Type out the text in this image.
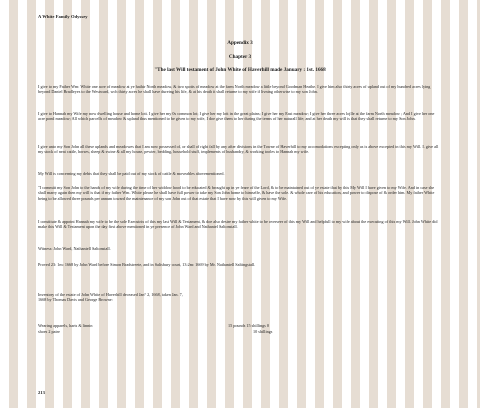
A White Family Odyssey
Appendix 3
Chapter 3
"The last Will testament of John White of Haverhill made January : 1st. 1668

I give to my Father Wm: White one acre of meadow at ye hathir North meadow, & two spotts of meadow at the farm North meadow a little beyond Goodman Heathe. I give him also thirty acres of upland out of my hundred acres lying beyond Daniel Bradleyes to the Westward, wch thirty acres he shall have dureing his life, & at his death it shall returne to my wife if livning otherwise to my son John.

I give to Hannah my Wife my now dwelling house and home lott. I give her my 0s common lot; I give her my lott in the great plains; I give her my East meadow; I give her three acres lojlle at the farm North meadow ; And I give her one acre pond meadow; All which parcells of meadow & upland thus mentioned to be given to my wife, I doe give them to her during the terms of her naturall life; and at her death my will is that they shall returne to my Son John.

I give unto my Son John all these uplands and meadowes that I am now possessed of, or shall of right fall by any after divisions in the Towne of Haverhill to my accomodations excepting only as is above excepted in this my Will. I. give all my stock of neat cattle, horses, sheep & swine & all my house, pewter, bedding, household stuff, implements of husbandry, & working tooles to Hannah my wife.

My Will is concerning my debts that they shall be paid out of my stock of cattle & moveables abovementioned.

"I committ my Son John to the hands of my wife during the time of her widdow hood to be educated & brought up in ye feare of the Lord, & to be maintained out of ye estate that by this My Will I have given to my Wife. And in case she shall marry again then my will is that if my father Wm. White please he shall have full power to take my Son John home to himselfe, & have the sole. & whole care of his education, and power to dispose of & order him. My father White being to be allowed three pounds per annum toward the maintenance of my son John out of that estate that I have now by this will given to my Wife.

I constitute & appoint Hannah my wife to be the sole Executrix of this my last Will & Testament, & doe also desire my father white to be overseer of this my Will and helpfull to my wife about the executing of this my Will. John White did make this Will & Testament upon the day first above mentioned in ye presence of John Ward and Nathaniel Saltonstall.

Witness: John Ward, Nathaniell Saltonstall.

Proved 23: 1m: 1668 by John Ward before Simon Bradstreete, and in Salisbury court, 13:2m: 1669 by Mr. Nathaniell Saltingstall.

Inventory of the estate of John White of Haverhill deceased Jan° 2, 1668, taken Jan. 7, 1668 by Thomas Davis and George Browne:

Wearing apparels, harts & linnin	15 pounds 15 shillings 0
shoes 2 paire	10 shillings
213
